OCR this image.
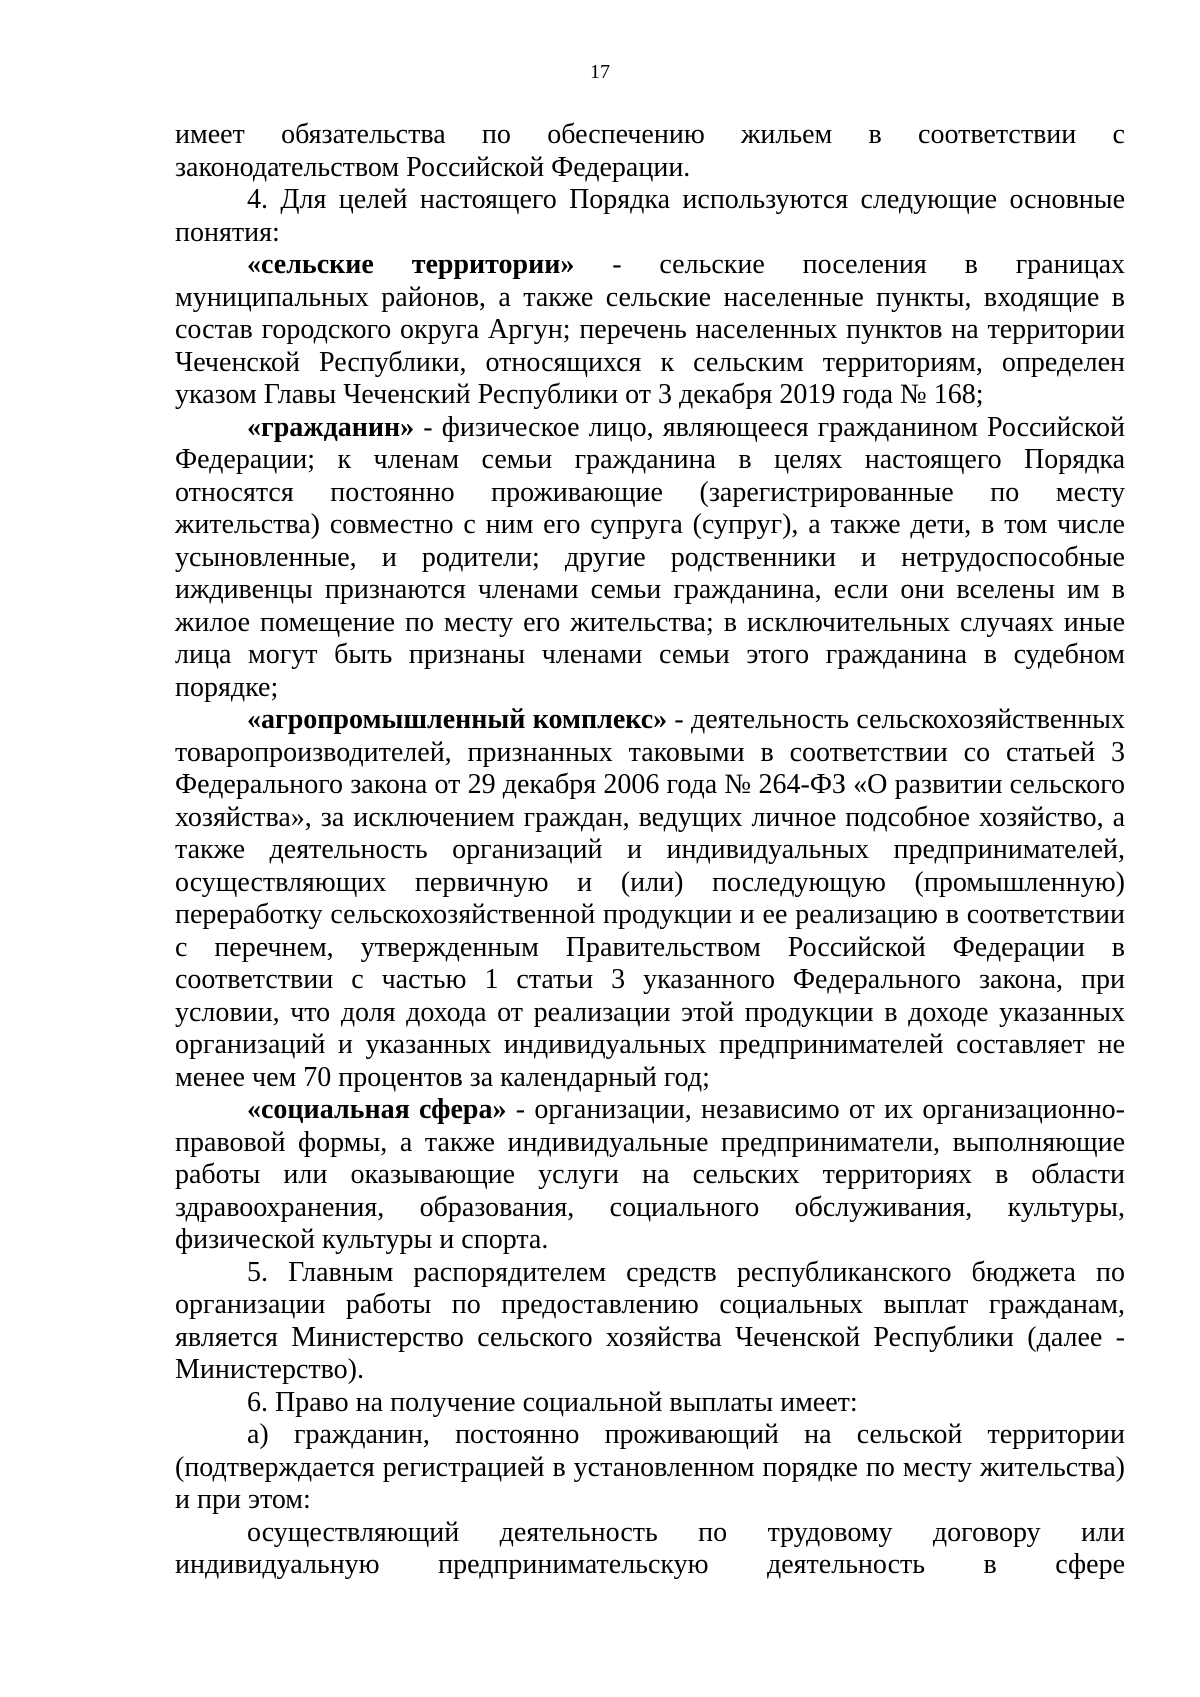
17

имеет обязательства по обеспечению жильем в соответствии с законодательством Российской Федерации.

4. Для целей настоящего Порядка используются следующие основные понятия:

«сельские территории» - сельские поселения в границах муниципальных районов, а также сельские населенные пункты, входящие в состав городского округа Аргун; перечень населенных пунктов на территории Чеченской Республики, относящихся к сельским территориям, определен указом Главы Чеченский Республики от 3 декабря 2019 года № 168;

«гражданин» - физическое лицо, являющееся гражданином Российской Федерации; к членам семьи гражданина в целях настоящего Порядка относятся постоянно проживающие (зарегистрированные по месту жительства) совместно с ним его супруга (супруг), а также дети, в том числе усыновленные, и родители; другие родственники и нетрудоспособные иждивенцы признаются членами семьи гражданина, если они вселены им в жилое помещение по месту его жительства; в исключительных случаях иные лица могут быть признаны членами семьи этого гражданина в судебном порядке;

«агропромышленный комплекс» - деятельность сельскохозяйственных товаропроизводителей, признанных таковыми в соответствии со статьей 3 Федерального закона от 29 декабря 2006 года № 264-ФЗ «О развитии сельского хозяйства», за исключением граждан, ведущих личное подсобное хозяйство, а также деятельность организаций и индивидуальных предпринимателей, осуществляющих первичную и (или) последующую (промышленную) переработку сельскохозяйственной продукции и ее реализацию в соответствии с перечнем, утвержденным Правительством Российской Федерации в соответствии с частью 1 статьи 3 указанного Федерального закона, при условии, что доля дохода от реализации этой продукции в доходе указанных организаций и указанных индивидуальных предпринимателей составляет не менее чем 70 процентов за календарный год;

«социальная сфера» - организации, независимо от их организационно-правовой формы, а также индивидуальные предприниматели, выполняющие работы или оказывающие услуги на сельских территориях в области здравоохранения, образования, социального обслуживания, культуры, физической культуры и спорта.

5. Главным распорядителем средств республиканского бюджета по организации работы по предоставлению социальных выплат гражданам, является Министерство сельского хозяйства Чеченской Республики (далее - Министерство).

6. Право на получение социальной выплаты имеет:

а) гражданин, постоянно проживающий на сельской территории (подтверждается регистрацией в установленном порядке по месту жительства) и при этом:

осуществляющий деятельность по трудовому договору или индивидуальную предпринимательскую деятельность в сфере
